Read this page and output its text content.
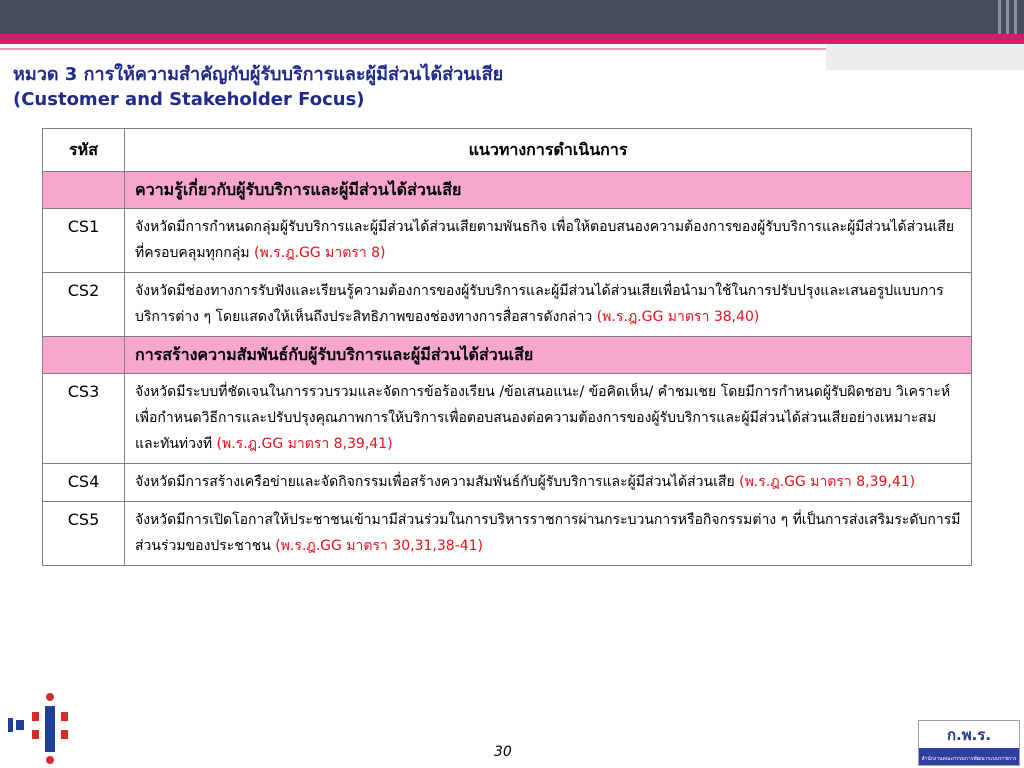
หมวด 3 การให้ความสำคัญกับผู้รับบริการและผู้มีส่วนได้ส่วนเสีย
(Customer and Stakeholder Focus)
รหัส	แนวทางการดำเนินการ
	ความรู้เกี่ยวกับผู้รับบริการและผู้มีส่วนได้ส่วนเสีย
CS1	จังหวัดมีการกำหนดกลุ่มผู้รับบริการและผู้มีส่วนได้ส่วนเสียตามพันธกิจ เพื่อให้ตอบสนองความต้องการของผู้รับบริการและผู้มีส่วนได้ส่วนเสียที่ครอบคลุมทุกกลุ่ม (พ.ร.ฎ.GG มาตรา 8)
CS2	จังหวัดมีช่องทางการรับฟังและเรียนรู้ความต้องการของผู้รับบริการและผู้มีส่วนได้ส่วนเสียเพื่อนำมาใช้ในการปรับปรุงและเสนอรูปแบบการบริการต่าง ๆ โดยแสดงให้เห็นถึงประสิทธิภาพของช่องทางการสื่อสารดังกล่าว (พ.ร.ฎ.GG มาตรา 38,40)
	การสร้างความสัมพันธ์กับผู้รับบริการและผู้มีส่วนได้ส่วนเสีย
CS3	จังหวัดมีระบบที่ชัดเจนในการรวบรวมและจัดการข้อร้องเรียน /ข้อเสนอแนะ/ ข้อคิดเห็น/ คำชมเชย โดยมีการกำหนดผู้รับผิดชอบ วิเคราะห์เพื่อกำหนดวิธีการและปรับปรุงคุณภาพการให้บริการเพื่อตอบสนองต่อความต้องการของผู้รับบริการและผู้มีส่วนได้ส่วนเสียอย่างเหมาะสมและทันท่วงที (พ.ร.ฎ.GG มาตรา 8,39,41)
CS4	จังหวัดมีการสร้างเครือข่ายและจัดกิจกรรมเพื่อสร้างความสัมพันธ์กับผู้รับบริการและผู้มีส่วนได้ส่วนเสีย (พ.ร.ฎ.GG มาตรา 8,39,41)
CS5	จังหวัดมีการเปิดโอกาสให้ประชาชนเข้ามามีส่วนร่วมในการบริหารราชการผ่านกระบวนการหรือกิจกรรมต่าง ๆ ที่เป็นการส่งเสริมระดับการมีส่วนร่วมของประชาชน (พ.ร.ฎ.GG มาตรา 30,31,38-41)
30
ก.พ.ร.
สำนักงานคณะกรรมการพัฒนาระบบราชการ
